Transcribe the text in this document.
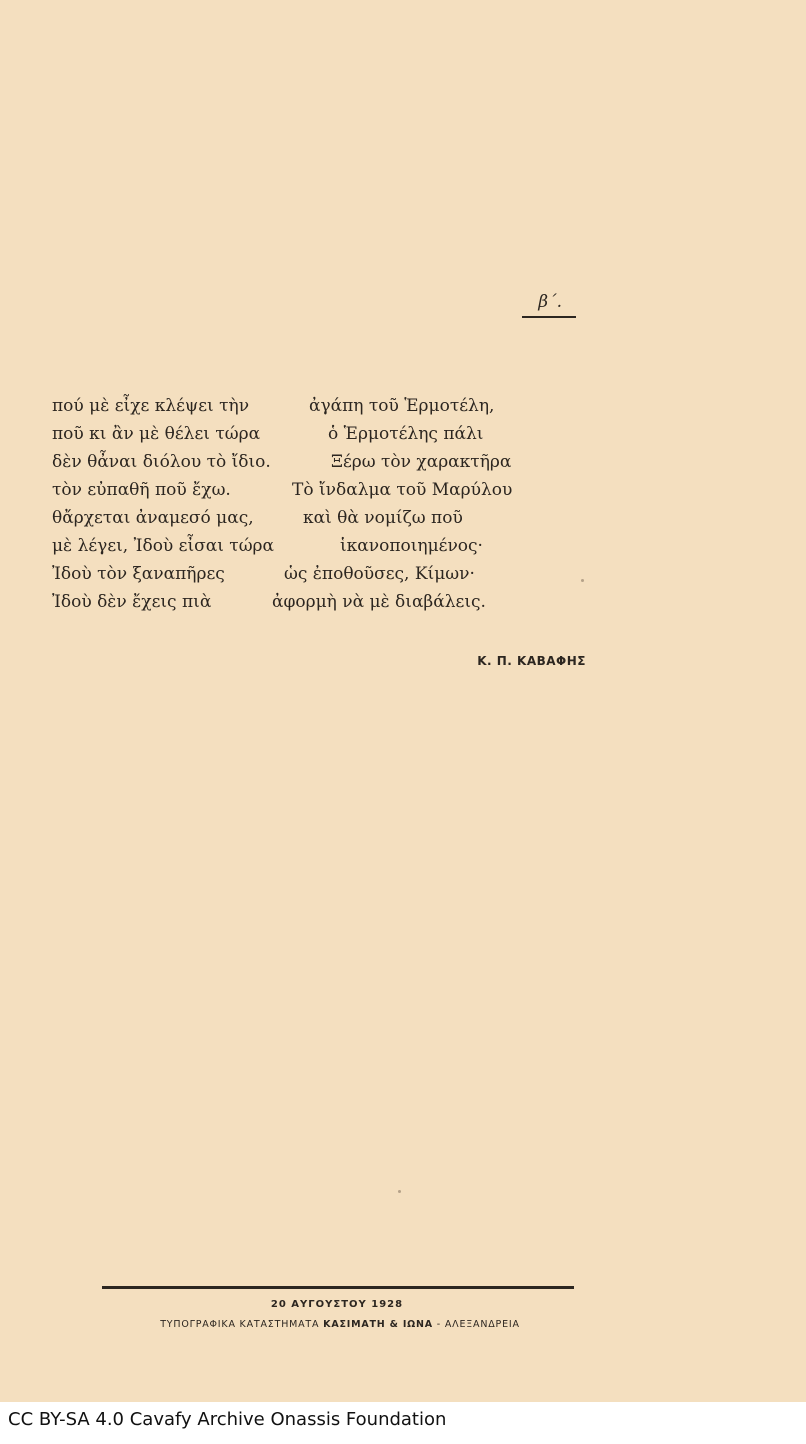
β΄.
πού μὲ εἶχε κλέψει τὴν	ἀγάπη τοῦ Ἑρμοτέλη,
ποῦ κι ἂν μὲ θέλει τώρα	ὁ Ἑρμοτέλης πάλι
δὲν θἆναι διόλου τὸ ἴδιο.	Ξέρω τὸν χαρακτῆρα
τὸν εὐπαθῆ ποῦ ἔχω.	Τὸ ἴνδαλμα τοῦ Μαρύλου
θἄρχεται ἀναμεσό μας,	καὶ θὰ νομίζω ποῦ
μὲ λέγει, Ἰδοὺ εἶσαι τώρα	ἱκανοποιημένος·
Ἰδοὺ τὸν ξαναπῆρες	ὡς ἐποθοῦσες, Κίμων·
Ἰδοὺ δὲν ἔχεις πιὰ	ἀφορμὴ νὰ μὲ διαβάλεις.
Κ. Π. ΚΑΒΑΦΗΣ
20 ΑΥΓΟΥΣΤΟΥ 1928
ΤΥΠΟΓΡΑΦΙΚΑ ΚΑΤΑΣΤΗΜΑΤΑ ΚΑΣΙΜΑΤΗ & ΙΩΝΑ - ΑΛΕΞΑΝΔΡΕΙΑ
CC BY-SA 4.0 Cavafy Archive Onassis Foundation
